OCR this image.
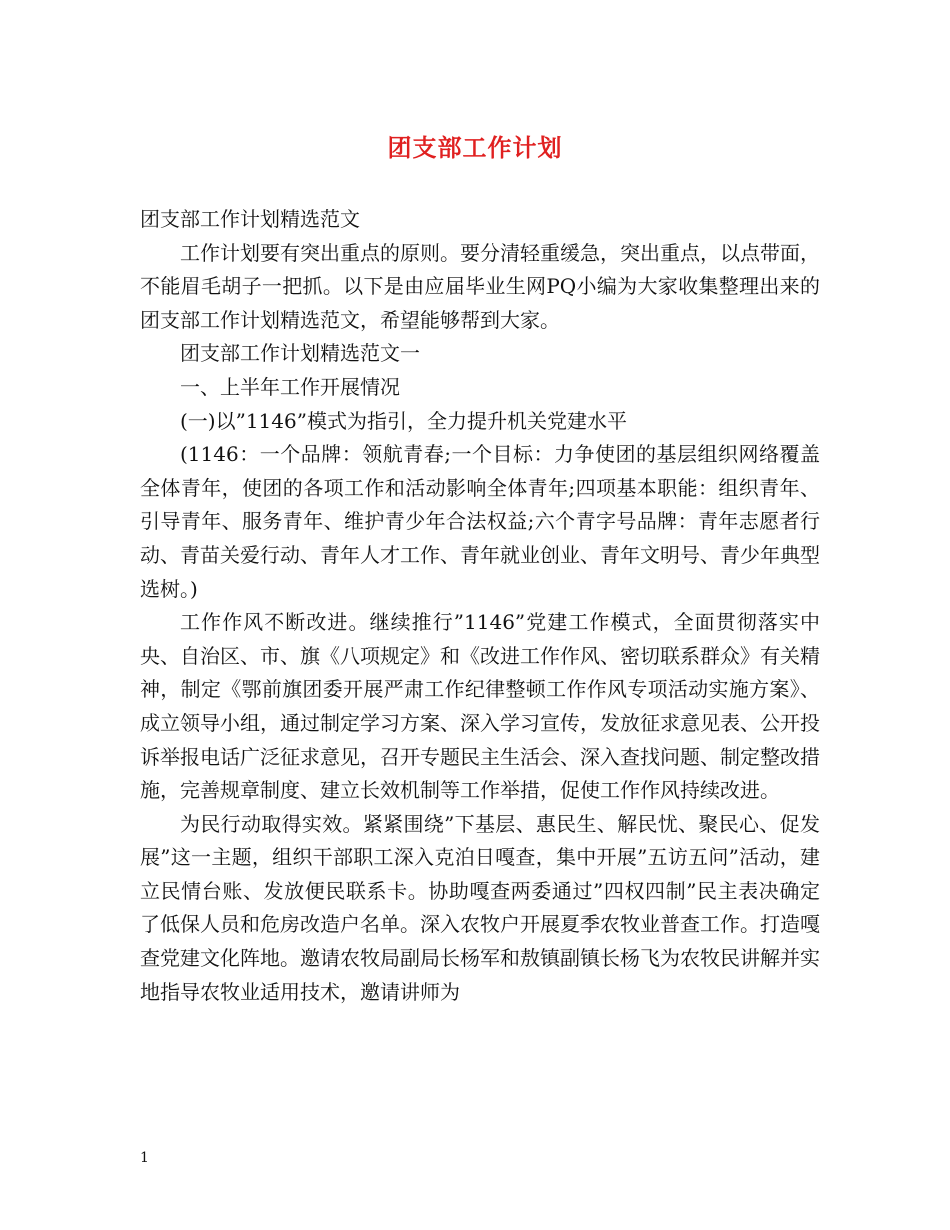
团支部工作计划

团支部工作计划精选范文

工作计划要有突出重点的原则。要分清轻重缓急，突出重点，以点带面，不能眉毛胡子一把抓。以下是由应届毕业生网PQ小编为大家收集整理出来的团支部工作计划精选范文，希望能够帮到大家。

团支部工作计划精选范文一

一、上半年工作开展情况

(一)以”1146”模式为指引，全力提升机关党建水平

(1146：一个品牌：领航青春;一个目标：力争使团的基层组织网络覆盖全体青年，使团的各项工作和活动影响全体青年;四项基本职能：组织青年、引导青年、服务青年、维护青少年合法权益;六个青字号品牌：青年志愿者行动、青苗关爱行动、青年人才工作、青年就业创业、青年文明号、青少年典型选树。)

工作作风不断改进。继续推行”1146”党建工作模式，全面贯彻落实中央、自治区、市、旗《八项规定》和《改进工作作风、密切联系群众》有关精神，制定《鄂前旗团委开展严肃工作纪律整顿工作作风专项活动实施方案》、成立领导小组，通过制定学习方案、深入学习宣传，发放征求意见表、公开投诉举报电话广泛征求意见，召开专题民主生活会、深入查找问题、制定整改措施，完善规章制度、建立长效机制等工作举措，促使工作作风持续改进。

为民行动取得实效。紧紧围绕”下基层、惠民生、解民忧、聚民心、促发展”这一主题，组织干部职工深入克泊日嘎查，集中开展”五访五问”活动，建立民情台账、发放便民联系卡。协助嘎查两委通过”四权四制”民主表决确定了低保人员和危房改造户名单。深入农牧户开展夏季农牧业普查工作。打造嘎查党建文化阵地。邀请农牧局副局长杨军和敖镇副镇长杨飞为农牧民讲解并实地指导农牧业适用技术，邀请讲师为

1
